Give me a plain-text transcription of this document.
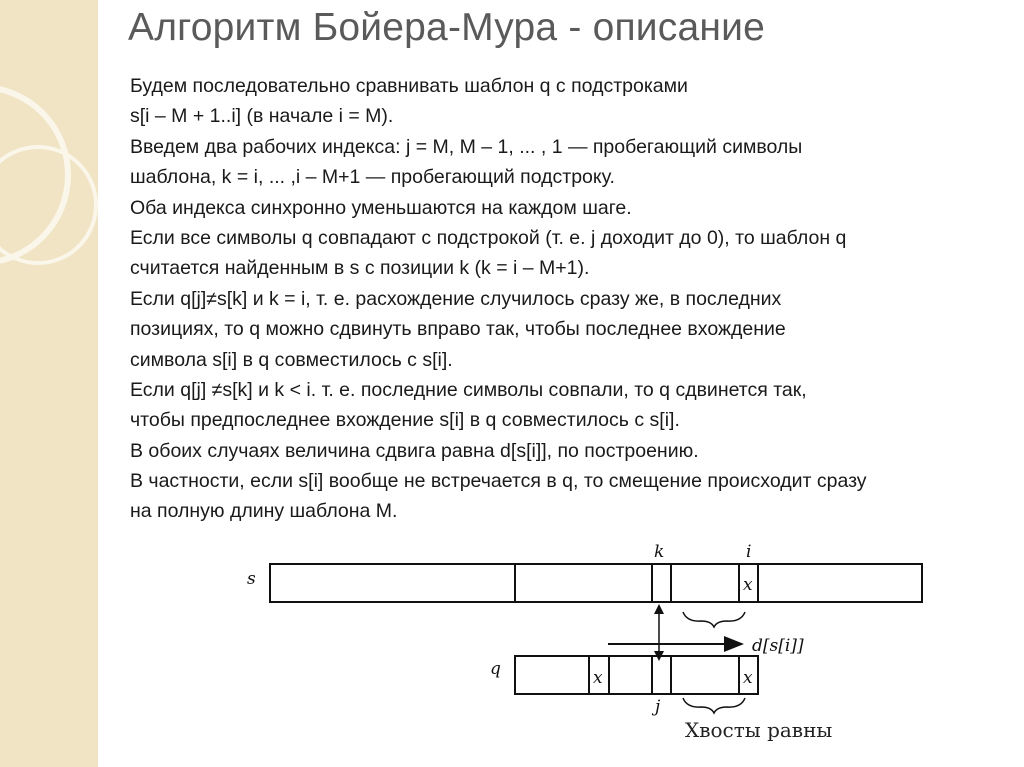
Алгоритм Бойера-Мура - описание
Будем последовательно сравнивать шаблон q с подстроками
s[i – M + 1..i] (в начале i = M).
Введем два рабочих индекса: j = M, M – 1, ... , 1 — пробегающий символы
шаблона, k = i, ... ,i – M+1 — пробегающий подстроку.
Оба индекса синхронно уменьшаются на каждом шаге.
Если все символы q совпадают с подстрокой (т. е. j доходит до 0), то шаблон q
считается найденным в s с позиции k (k = i – M+1).
Если q[j]≠s[k] и k = i, т. е. расхождение случилось сразу же, в последних
позициях, то q можно сдвинуть вправо так, чтобы последнее вхождение
символа s[i] в q совместилось с s[i].
Если q[j] ≠s[k] и k < i. т. е. последние символы совпали, то q сдвинется так,
чтобы предпоследнее вхождение s[i] в q совместилось с s[i].
В обоих случаях величина сдвига равна d[s[i]], по построению.
В частности, если s[i] вообще не встречается в q, то смещение происходит сразу
на полную длину шаблона M.
s	x
k	i
d[s[i]]
q	x	x
j
Хвосты равны
